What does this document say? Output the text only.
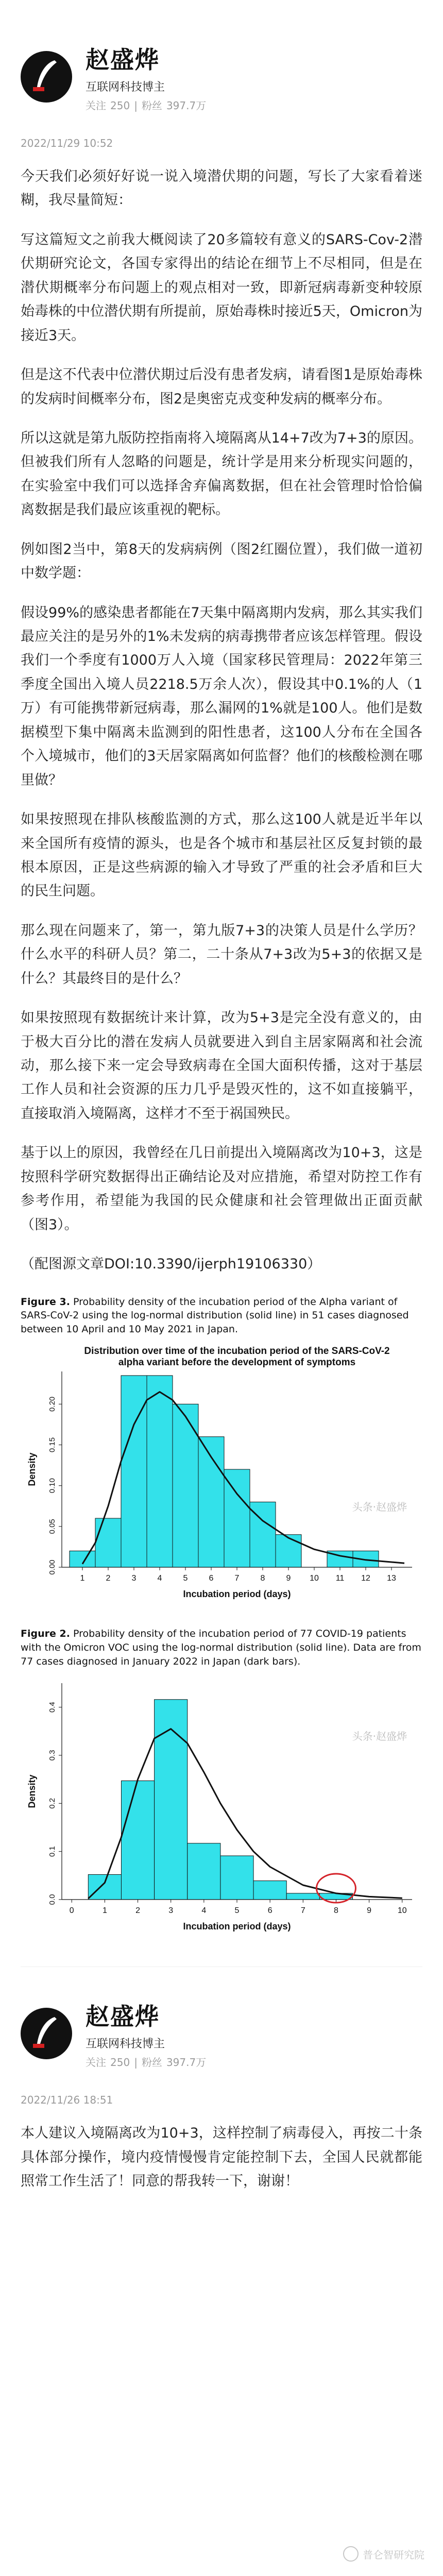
赵盛烨
互联网科技博主
关注 250 | 粉丝 397.7万
2022/11/29 10:52

今天我们必须好好说一说入境潜伏期的问题，写长了大家看着迷糊，我尽量简短：

写这篇短文之前我大概阅读了20多篇较有意义的SARS-Cov-2潜伏期研究论文，各国专家得出的结论在细节上不尽相同，但是在潜伏期概率分布问题上的观点相对一致，即新冠病毒新变种较原始毒株的中位潜伏期有所提前，原始毒株时接近5天，Omicron为接近3天。

但是这不代表中位潜伏期过后没有患者发病，请看图1是原始毒株的发病时间概率分布，图2是奥密克戎变种发病的概率分布。

所以这就是第九版防控指南将入境隔离从14+7改为7+3的原因。但被我们所有人忽略的问题是，统计学是用来分析现实问题的，在实验室中我们可以选择舍弃偏离数据，但在社会管理时恰恰偏离数据是我们最应该重视的靶标。

例如图2当中，第8天的发病病例（图2红圈位置），我们做一道初中数学题：

假设99%的感染患者都能在7天集中隔离期内发病，那么其实我们最应关注的是另外的1%未发病的病毒携带者应该怎样管理。假设我们一个季度有1000万人入境（国家移民管理局：2022年第三季度全国出入境人员2218.5万余人次），假设其中0.1%的人（1万）有可能携带新冠病毒，那么漏网的1%就是100人。他们是数据模型下集中隔离未监测到的阳性患者，这100人分布在全国各个入境城市，他们的3天居家隔离如何监督？他们的核酸检测在哪里做？

如果按照现在排队核酸监测的方式，那么这100人就是近半年以来全国所有疫情的源头，也是各个城市和基层社区反复封锁的最根本原因，正是这些病源的输入才导致了严重的社会矛盾和巨大的民生问题。

那么现在问题来了，第一，第九版7+3的决策人员是什么学历？什么水平的科研人员？第二，二十条从7+3改为5+3的依据又是什么？其最终目的是什么？

如果按照现有数据统计来计算，改为5+3是完全没有意义的，由于极大百分比的潜在发病人员就要进入到自主居家隔离和社会流动，那么接下来一定会导致病毒在全国大面积传播，这对于基层工作人员和社会资源的压力几乎是毁灭性的，这不如直接躺平，直接取消入境隔离，这样才不至于祸国殃民。

基于以上的原因，我曾经在几日前提出入境隔离改为10+3，这是按照科学研究数据得出正确结论及对应措施，希望对防控工作有参考作用，希望能为我国的民众健康和社会管理做出正面贡献（图3）。

（配图源文章DOI:10.3390/ijerph19106330）

Figure 3. Probability density of the incubation period of the Alpha variant of SARS-CoV-2 using the log-normal distribution (solid line) in 51 cases diagnosed between 10 April and 10 May 2021 in Japan.
Distribution over time of the incubation period of the SARS-CoV-2 alpha variant before the development of symptoms
0.00
0.05
0.10
0.15
0.20
1	2	3	4	5	6	7	8	9 10 11 12 13
Incubation period (days)
Density
头条·赵盛烨
Figure 2. Probability density of the incubation period of 77 COVID-19 patients with the Omicron VOC using the log-normal distribution (solid line). Data are from 77 cases diagnosed in January 2022 in Japan (dark bars).
0.0
0.1
0.2
0.3
0.4
0	1	2	3	4	5	6	7	8	9	10
Incubation period (days)
Density
头条·赵盛烨
赵盛烨
互联网科技博主
关注 250 | 粉丝 397.7万
2022/11/26 18:51

本人建议入境隔离改为10+3，这样控制了病毒侵入，再按二十条具体部分操作，境内疫情慢慢肯定能控制下去，全国人民就都能照常工作生活了！同意的帮我转一下，谢谢！

普仑智研究院
